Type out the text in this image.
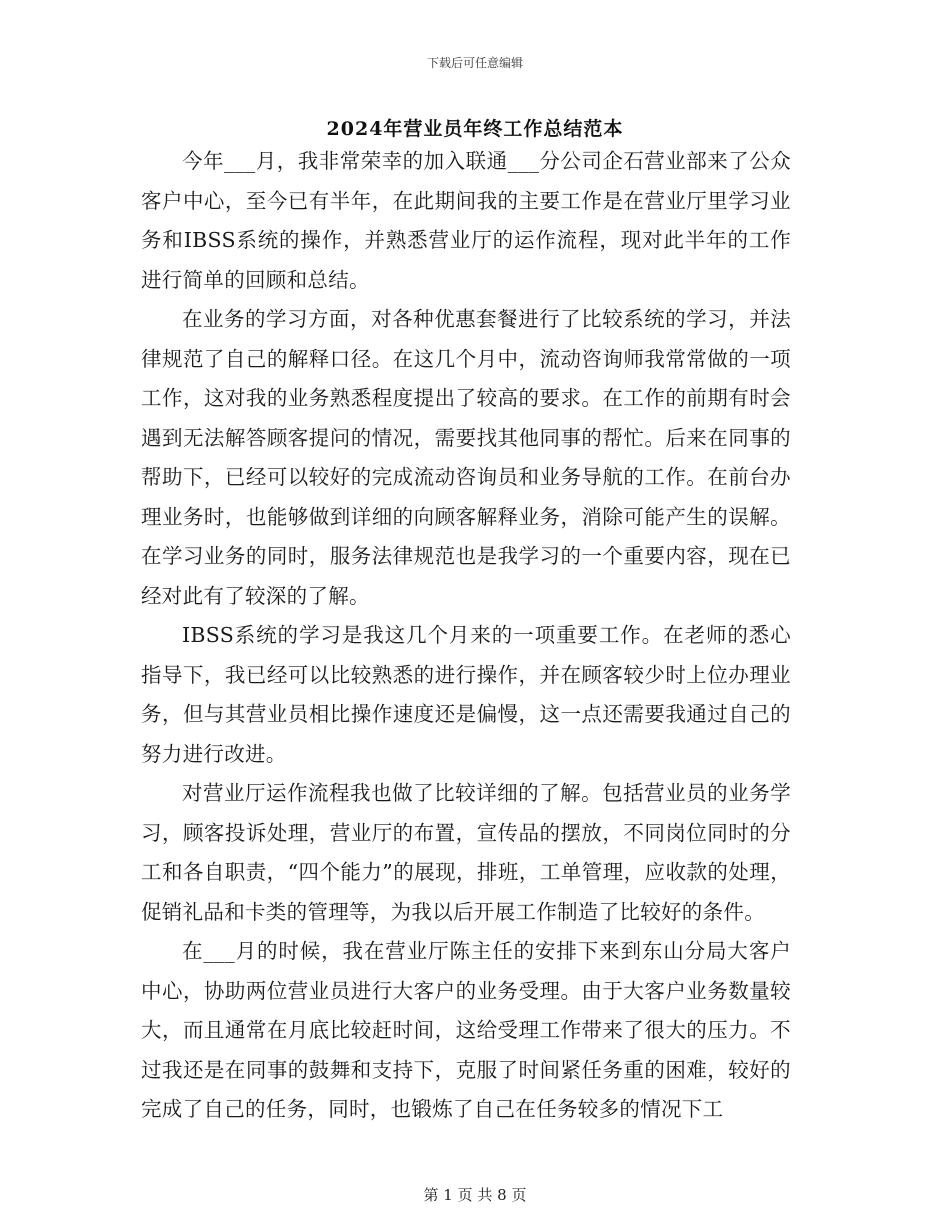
下载后可任意编辑
2024年营业员年终工作总结范本

今年___月，我非常荣幸的加入联通___分公司企石营业部来了公众客户中心，至今已有半年，在此期间我的主要工作是在营业厅里学习业务和IBSS系统的操作，并熟悉营业厅的运作流程，现对此半年的工作进行简单的回顾和总结。

在业务的学习方面，对各种优惠套餐进行了比较系统的学习，并法律规范了自己的解释口径。在这几个月中，流动咨询师我常常做的一项工作，这对我的业务熟悉程度提出了较高的要求。在工作的前期有时会遇到无法解答顾客提问的情况，需要找其他同事的帮忙。后来在同事的帮助下，已经可以较好的完成流动咨询员和业务导航的工作。在前台办理业务时，也能够做到详细的向顾客解释业务，消除可能产生的误解。在学习业务的同时，服务法律规范也是我学习的一个重要内容，现在已经对此有了较深的了解。

IBSS系统的学习是我这几个月来的一项重要工作。在老师的悉心指导下，我已经可以比较熟悉的进行操作，并在顾客较少时上位办理业务，但与其营业员相比操作速度还是偏慢，这一点还需要我通过自己的努力进行改进。

对营业厅运作流程我也做了比较详细的了解。包括营业员的业务学习，顾客投诉处理，营业厅的布置，宣传品的摆放，不同岗位同时的分工和各自职责，“四个能力”的展现，排班，工单管理，应收款的处理，促销礼品和卡类的管理等，为我以后开展工作制造了比较好的条件。

在___月的时候，我在营业厅陈主任的安排下来到东山分局大客户中心，协助两位营业员进行大客户的业务受理。由于大客户业务数量较大，而且通常在月底比较赶时间，这给受理工作带来了很大的压力。不过我还是在同事的鼓舞和支持下，克服了时间紧任务重的困难，较好的完成了自己的任务，同时，也锻炼了自己在任务较多的情况下工

第 1 页 共 8 页
